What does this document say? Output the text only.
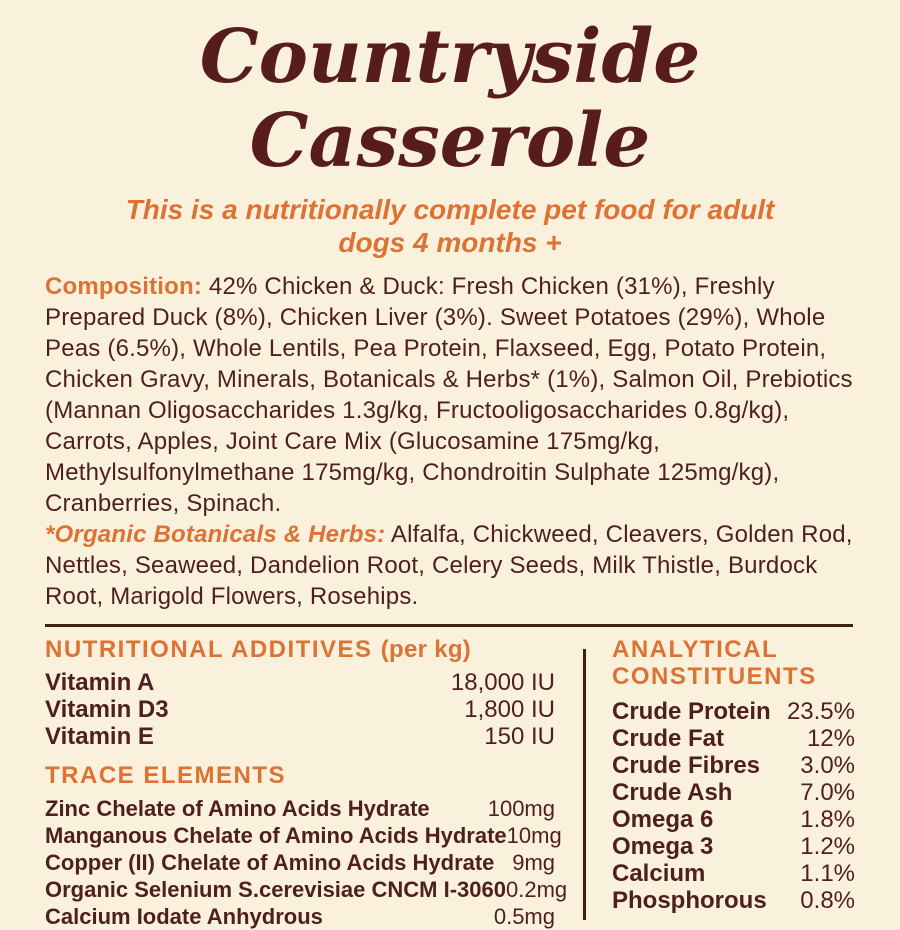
Countryside
Casserole
This is a nutritionally complete pet food for adult dogs 4 months +

Composition: 42% Chicken & Duck: Fresh Chicken (31%), Freshly Prepared Duck (8%), Chicken Liver (3%). Sweet Potatoes (29%), Whole Peas (6.5%), Whole Lentils, Pea Protein, Flaxseed, Egg, Potato Protein, Chicken Gravy, Minerals, Botanicals & Herbs* (1%), Salmon Oil, Prebiotics (Mannan Oligosaccharides 1.3g/kg, Fructooligosaccharides 0.8g/kg), Carrots, Apples, Joint Care Mix (Glucosamine 175mg/kg, Methylsulfonylmethane 175mg/kg, Chondroitin Sulphate 125mg/kg), Cranberries, Spinach.

*Organic Botanicals & Herbs: Alfalfa, Chickweed, Cleavers, Golden Rod, Nettles, Seaweed, Dandelion Root, Celery Seeds, Milk Thistle, Burdock Root, Marigold Flowers, Rosehips.

NUTRITIONAL ADDITIVES (per kg)
Vitamin A	18,000 IU
Vitamin D3	1,800 IU
Vitamin E	150 IU
TRACE ELEMENTS
Zinc Chelate of Amino Acids Hydrate	100mg
Manganous Chelate of Amino Acids Hydrate 10mg
Copper (II) Chelate of Amino Acids Hydrate 9mg
Organic Selenium S.cerevisiae CNCM I-3060 0.2mg
Calcium Iodate Anhydrous	0.5mg
ANALYTICAL CONSTITUENTS
Crude Protein 23.5%
Crude Fat	12%
Crude Fibres 3.0%
Crude Ash	7.0%
Omega 6	1.8%
Omega 3	1.2%
Calcium	1.1%
Phosphorous 0.8%
